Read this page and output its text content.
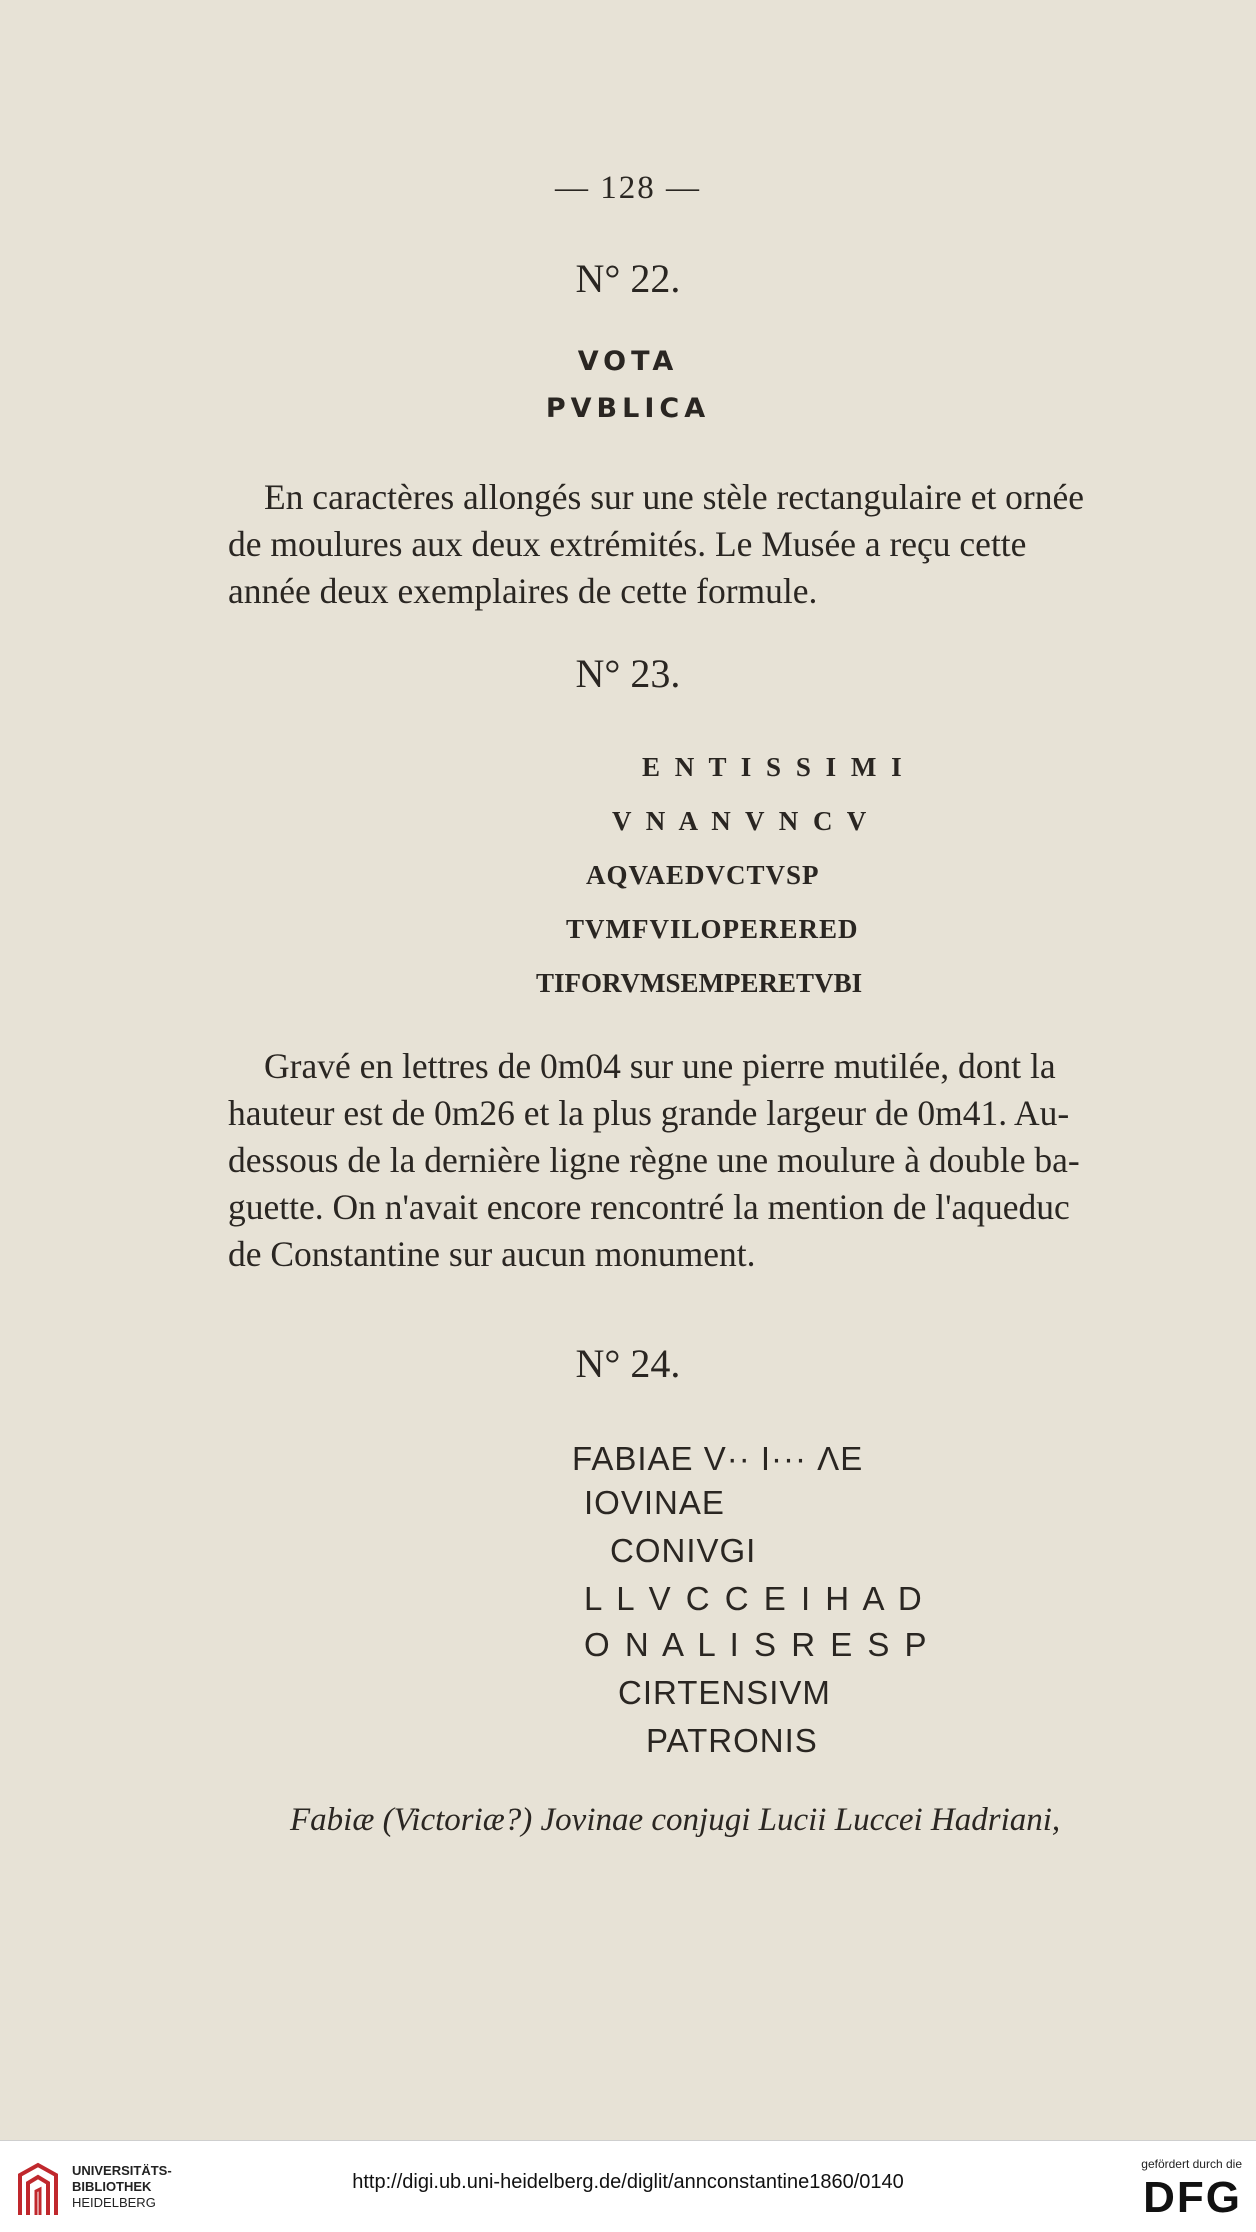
— 128 —
N° 22.
VOTA
PVBLICA
En caractères allongés sur une stèle rectangulaire et ornée
de moulures aux deux extrémités. Le Musée a reçu cette
année deux exemplaires de cette formule.
N° 23.
E N T I S S I M I
V N A N V N C V
AQVAEDVCTVSP
TVMFVILOPERERED
TIFORVMSEMPERETVBI
Gravé en lettres de 0m04 sur une pierre mutilée, dont la
hauteur est de 0m26 et la plus grande largeur de 0m41. Au-
dessous de la dernière ligne règne une moulure à double ba-
guette. On n'avait encore rencontré la mention de l'aqueduc
de Constantine sur aucun monument.
N° 24.
FABIAE V·· I··· ΛE
IOVINAE
CONIVGI
L L V C C E I H A D
O N A L I S R E S P
CIRTENSIVM
PATRONIS
Fabiæ (Victoriæ?) Jovinae conjugi Lucii Luccei Hadriani,
UNIVERSITÄTS-
BIBLIOTHEK
HEIDELBERG
http://digi.ub.uni-heidelberg.de/diglit/annconstantine1860/0140
gefördert durch die
DFG
